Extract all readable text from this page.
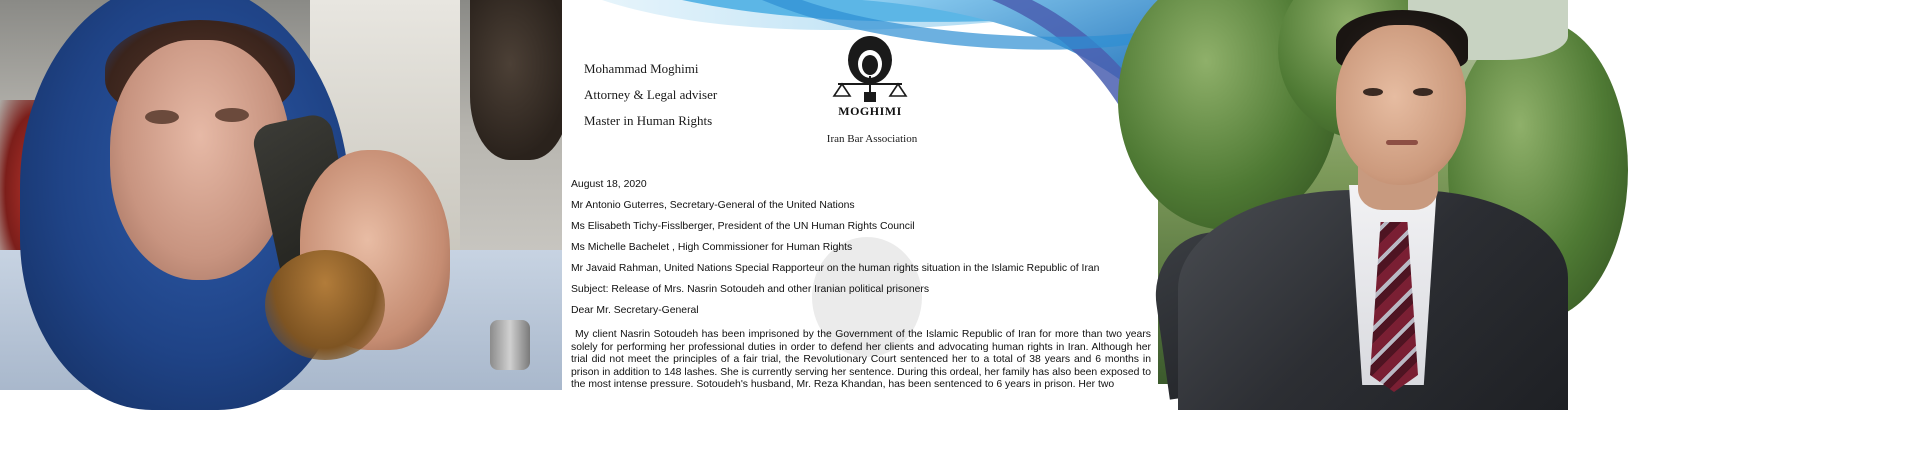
Mohammad Moghimi
Attorney & Legal adviser
Master in Human Rights
MOGHIMI
Iran Bar Association
August 18, 2020
Mr Antonio Guterres, Secretary-General of the United Nations
Ms Elisabeth Tichy-Fisslberger, President of the UN Human Rights Council
Ms Michelle Bachelet , High Commissioner for Human Rights
Mr Javaid Rahman, United Nations Special Rapporteur on the human rights situation in the Islamic Republic of Iran
Subject: Release of Mrs. Nasrin Sotoudeh and other Iranian political prisoners
Dear Mr. Secretary-General
My client Nasrin Sotoudeh has been imprisoned by the Government of the Islamic Republic of Iran for more than two years solely for performing her professional duties in order to defend her clients and advocating human rights in Iran. Although her trial did not meet the principles of a fair trial, the Revolutionary Court sentenced her to a total of 38 years and 6 months in prison in addition to 148 lashes. She is currently serving her sentence. During this ordeal, her family has also been exposed to the most intense pressure. Sotoudeh's husband, Mr. Reza Khandan, has been sentenced to 6 years in prison. Her two
